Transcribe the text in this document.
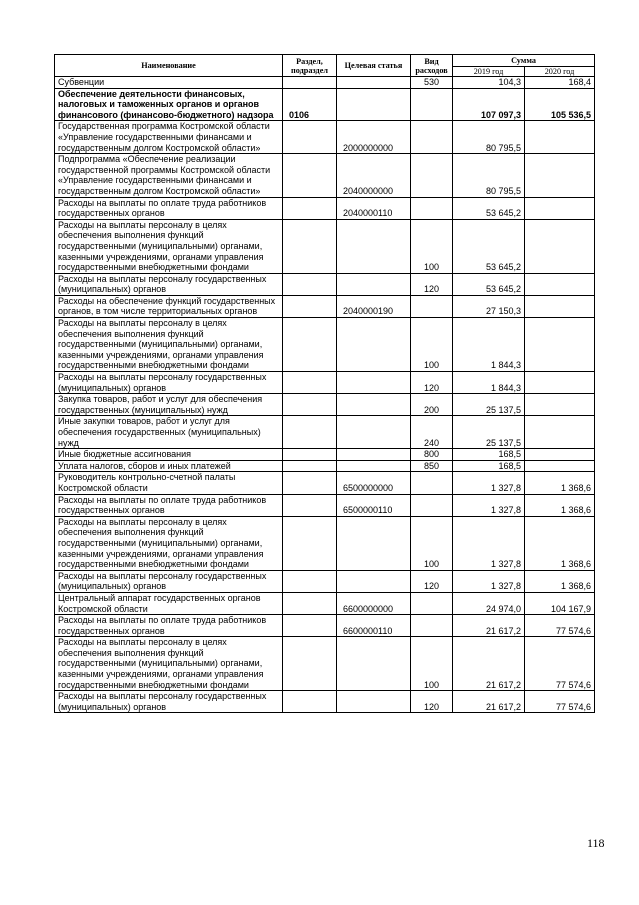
Наименование	Раздел, подраздел	Целевая статья	Вид расходов	Сумма	
				2019 год	2020 год
Субвенции			530	104,3	168,4
Обеспечение деятельности финансовых, налоговых и таможенных органов и органов финансового (финансово-бюджетного) надзора	0106			107 097,3	105 536,5
Государственная программа Костромской области «Управление государственными финансами и государственным долгом Костромской области»		2000000000		80 795,5	
Подпрограмма «Обеспечение реализации государственной программы Костромской области «Управление государственными финансами и государственным долгом Костромской области»		2040000000		80 795,5	
Расходы на выплаты по оплате труда работников государственных органов		2040000110		53 645,2	
Расходы на выплаты персоналу в целях обеспечения выполнения функций государственными (муниципальными) органами, казенными учреждениями, органами управления государственными внебюджетными фондами			100	53 645,2	
Расходы на выплаты персоналу государственных (муниципальных) органов			120	53 645,2	
Расходы на обеспечение функций государственных органов, в том числе территориальных органов		2040000190		27 150,3	
Расходы на выплаты персоналу в целях обеспечения выполнения функций государственными (муниципальными) органами, казенными учреждениями, органами управления государственными внебюджетными фондами			100	1 844,3	
Расходы на выплаты персоналу государственных (муниципальных) органов			120	1 844,3	
Закупка товаров, работ и услуг для обеспечения государственных (муниципальных) нужд			200	25 137,5	
Иные закупки товаров, работ и услуг для обеспечения государственных (муниципальных) нужд			240	25 137,5	
Иные бюджетные ассигнования			800	168,5	
Уплата налогов, сборов и иных платежей			850	168,5	
Руководитель контрольно-счетной палаты Костромской области		6500000000		1 327,8	1 368,6
Расходы на выплаты по оплате труда работников государственных органов		6500000110		1 327,8	1 368,6
Расходы на выплаты персоналу в целях обеспечения выполнения функций государственными (муниципальными) органами, казенными учреждениями, органами управления государственными внебюджетными фондами			100	1 327,8	1 368,6
Расходы на выплаты персоналу государственных (муниципальных) органов			120	1 327,8	1 368,6
Центральный аппарат государственных органов Костромской области		6600000000		24 974,0	104 167,9
Расходы на выплаты по оплате труда работников государственных органов		6600000110		21 617,2	77 574,6
Расходы на выплаты персоналу в целях обеспечения выполнения функций государственными (муниципальными) органами, казенными учреждениями, органами управления государственными внебюджетными фондами			100	21 617,2	77 574,6
Расходы на выплаты персоналу государственных (муниципальных) органов			120	21 617,2	77 574,6
118
